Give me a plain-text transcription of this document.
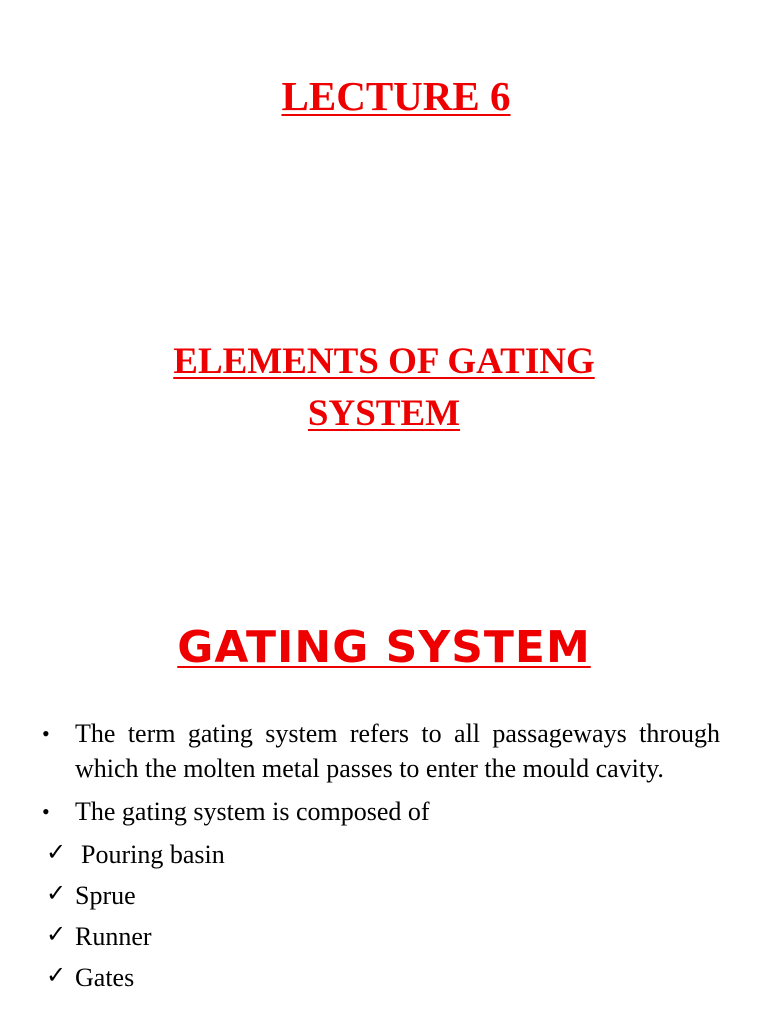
LECTURE 6
ELEMENTS OF GATING
SYSTEM
GATING SYSTEM
• The term gating system refers to all passageways through which the molten metal passes to enter the mould cavity.
• The gating system is composed of
✓ Pouring basin
✓ Sprue
✓ Runner
✓ Gates
